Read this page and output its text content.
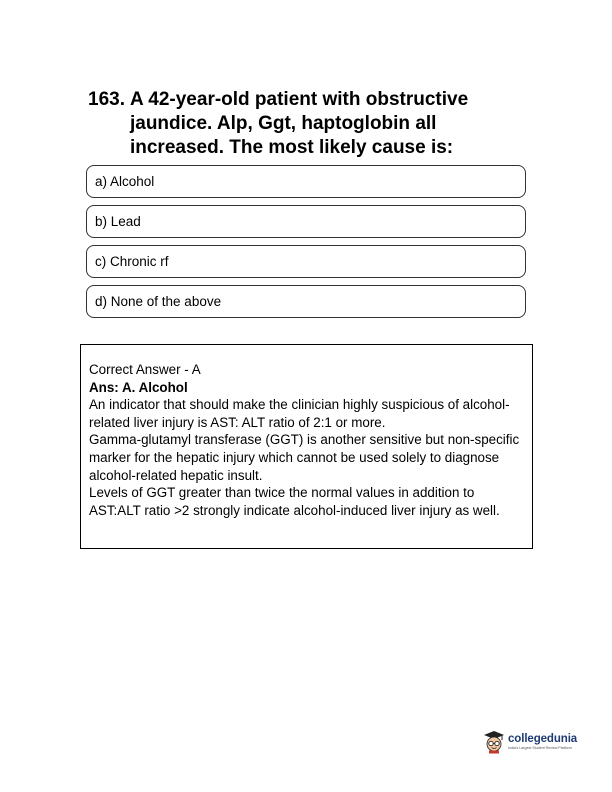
163. A 42-year-old patient with obstructive jaundice. Alp, Ggt, haptoglobin all increased. The most likely cause is:
a) Alcohol
b) Lead
c) Chronic rf
d) None of the above

Correct Answer - A

Ans: A. Alcohol

An indicator that should make the clinician highly suspicious of alcohol-related liver injury is AST: ALT ratio of 2:1 or more.

Gamma-glutamyl transferase (GGT) is another sensitive but non-specific marker for the hepatic injury which cannot be used solely to diagnose alcohol-related hepatic insult.

Levels of GGT greater than twice the normal values in addition to AST:ALT ratio >2 strongly indicate alcohol-induced liver injury as well.

collegedunia
India's Largest Student Review Platform
